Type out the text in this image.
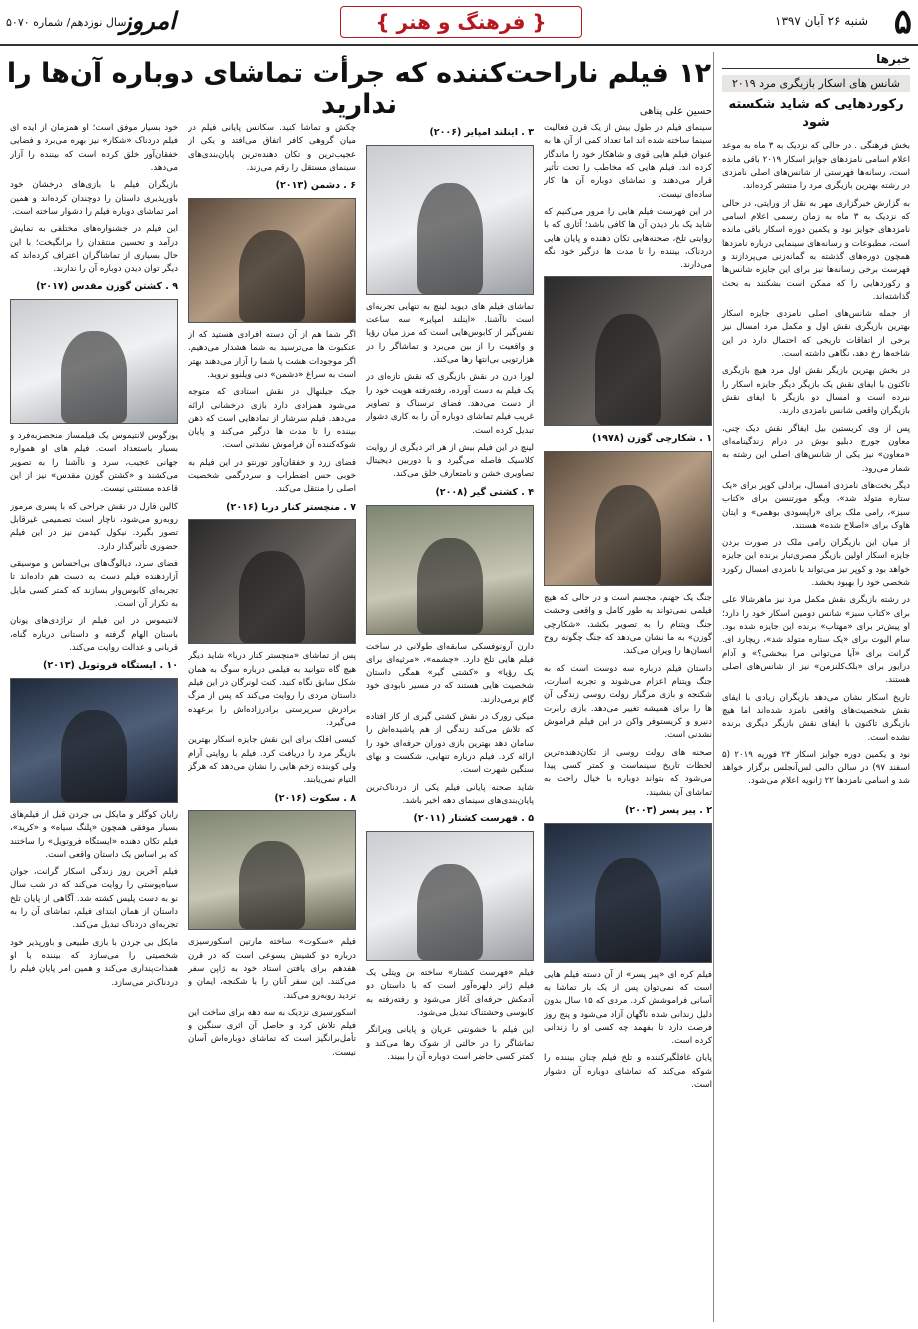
۵
شنبه ۲۶ آبان ۱۳۹۷
{ فرهنگ و هنر }
امروز
سال نوزدهم/ شماره ۵۰۷۰
خبرها
شانس های اسکار بازیگری مرد ۲۰۱۹
رکوردهایی که شاید شکسته شود

بخش فرهنگی . در حالی که نزدیک به ۳ ماه به موعد اعلام اسامی نامزدهای جوایز اسکار ۲۰۱۹ باقی مانده است، رسانه‌ها فهرستی از شانس‌های اصلی نامزدی در رشته بهترین بازیگری مرد را منتشر کرده‌اند.

به گزارش خبرگزاری مهر به نقل از ورایتی، در حالی که نزدیک به ۳ ماه به زمان رسمی اعلام اسامی نامزدهای جوایز نود و یکمین دوره اسکار باقی مانده است، مطبوعات و رسانه‌های سینمایی درباره نامزدها همچون دوره‌های گذشته به گمانه‌زنی می‌پردازند و فهرست برخی رسانه‌ها نیز برای این جایزه شانس‌ها و رکوردهایی را که ممکن است بشکنند به بحث گذاشته‌اند.

از جمله شانس‌های اصلی نامزدی جایزه اسکار بهترین بازیگری نقش اول و مکمل مرد امسال نیز برخی از اتفاقات تاریخی که احتمال دارد در این شاخه‌ها رخ دهد، نگاهی داشته است.

در بخش بهترین بازیگر نقش اول مرد هیچ بازیگری تاکنون با ایفای نقش یک بازیگر دیگر جایزه اسکار را نبرده است و امسال دو بازیگر با ایفای نقش بازیگران واقعی شانس نامزدی دارند.

پس از وی کریستین بیل ایفاگر نقش دیک چنی، معاون جورج دبلیو بوش در درام زندگینامه‌ای «معاون» نیز یکی از شانس‌های اصلی این رشته به شمار می‌رود.

دیگر بخت‌های نامزدی امسال، برادلی کوپر برای «یک ستاره متولد شد»، ویگو مورتنسن برای «کتاب سبز»، رامی ملک برای «راپسودی بوهمی» و ایتان هاوک برای «اصلاح شده» هستند.

از میان این بازیگران رامی ملک در صورت بردن جایزه اسکار اولین بازیگر مصری‌تبار برنده این جایزه خواهد بود و کوپر نیز می‌تواند با نامزدی امسال رکورد شخصی خود را بهبود بخشد.

در رشته بازیگری نقش مکمل مرد نیز ماهرشالا علی برای «کتاب سبز» شانس دومین اسکار خود را دارد؛ او پیش‌تر برای «مهتاب» برنده این جایزه شده بود. سام الیوت برای «یک ستاره متولد شد»، ریچارد ای. گرانت برای «آیا می‌توانی مرا ببخشی؟» و آدام درایور برای «بلک‌کلنزمن» نیز از شانس‌های اصلی هستند.

تاریخ اسکار نشان می‌دهد بازیگران زیادی با ایفای نقش شخصیت‌های واقعی نامزد شده‌اند اما هیچ بازیگری تاکنون با ایفای نقش بازیگر دیگری برنده نشده است.

نود و یکمین دوره جوایز اسکار ۲۴ فوریه ۲۰۱۹ (۵ اسفند ۹۷) در سالن دالبی لس‌آنجلس برگزار خواهد شد و اسامی نامزدها ۲۲ ژانویه اعلام می‌شود.

۱۲ فیلم ناراحت‌کننده که جرأت تماشای دوباره آن‌ها را ندارید	حسین علی پناهی

سینمای فیلم در طول بیش از یک قرن فعالیت سینما ساخته شده اند اما تعداد کمی از آن ها به عنوان فیلم هایی قوی و شاهکار خود را ماندگار کرده اند. فیلم هایی که مخاطب را تحت تأثیر قرار می‌دهند و تماشای دوباره آن ها کار ساده‌ای نیست.

در این فهرست فیلم هایی را مرور می‌کنیم که شاید یک بار دیدن آن ها کافی باشد؛ آثاری که با روایتی تلخ، صحنه‌هایی تکان دهنده و پایان هایی دردناک، بیننده را تا مدت ها درگیر خود نگه می‌دارند.

۱ . شکارچی گوزن (۱۹۷۸)

جنگ یک جهنم، مجسم است و در حالی که هیچ فیلمی نمی‌تواند به طور کامل و واقعی وحشت جنگ ویتنام را به تصویر بکشد، «شکارچی گوزن» به ما نشان می‌دهد که جنگ چگونه روح انسان‌ها را ویران می‌کند.

داستان فیلم درباره سه دوست است که به جنگ ویتنام اعزام می‌شوند و تجربه اسارت، شکنجه و بازی مرگبار رولت روسی زندگی آن ها را برای همیشه تغییر می‌دهد. بازی رابرت دنیرو و کریستوفر واکن در این فیلم فراموش نشدنی است.

صحنه های رولت روسی از تکان‌دهنده‌ترین لحظات تاریخ سینماست و کمتر کسی پیدا می‌شود که بتواند دوباره با خیال راحت به تماشای آن بنشیند.

۲ . پیر پسر (۲۰۰۳)

فیلم کره ای «پیر پسر» از آن دسته فیلم هایی است که نمی‌توان پس از یک بار تماشا به آسانی فراموشش کرد. مردی که ۱۵ سال بدون دلیل زندانی شده ناگهان آزاد می‌شود و پنج روز فرصت دارد تا بفهمد چه کسی او را زندانی کرده است.

پایان غافلگیرکننده و تلخ فیلم چنان بیننده را شوکه می‌کند که تماشای دوباره آن دشوار است.

۳ . اینلند امپایر (۲۰۰۶)

تماشای فیلم های دیوید لینچ به تنهایی تجربه‌ای است ناآشنا. «اینلند امپایر» سه ساعت نفس‌گیر از کابوس‌هایی است که مرز میان رؤیا و واقعیت را از بین می‌برد و تماشاگر را در هزارتویی بی‌انتها رها می‌کند.

لورا درن در نقش بازیگری که نقش تازه‌ای در یک فیلم به دست آورده، رفته‌رفته هویت خود را از دست می‌دهد. فضای ترسناک و تصاویر غریب فیلم تماشای دوباره آن را به کاری دشوار تبدیل کرده است.

لینچ در این فیلم بیش از هر اثر دیگری از روایت کلاسیک فاصله می‌گیرد و با دوربین دیجیتال تصاویری خشن و نامتعارف خلق می‌کند.

۴ . کشتی گیر (۲۰۰۸)

دارن آرونوفسکی سابقه‌ای طولانی در ساخت فیلم هایی تلخ دارد. «چشمه»، «مرثیه‌ای برای یک رؤیا» و «کشتی گیر» همگی داستان شخصیت هایی هستند که در مسیر نابودی خود گام برمی‌دارند.

میکی رورک در نقش کشتی گیری از کار افتاده که تلاش می‌کند زندگی از هم پاشیده‌اش را سامان دهد بهترین بازی دوران حرفه‌ای خود را ارائه کرد. فیلم درباره تنهایی، شکست و بهای سنگین شهرت است.

شاید صحنه پایانی فیلم یکی از دردناک‌ترین پایان‌بندی‌های سینمای دهه اخیر باشد.

۵ . فهرست کشتار (۲۰۱۱)

فیلم «فهرست کشتار» ساخته بن ویتلی یک فیلم ژانر دلهره‌آور است که با داستان دو آدمکش حرفه‌ای آغاز می‌شود و رفته‌رفته به کابوسی وحشتناک تبدیل می‌شود.

این فیلم با خشونتی عریان و پایانی ویرانگر تماشاگر را در حالتی از شوک رها می‌کند و کمتر کسی حاضر است دوباره آن را ببیند.

چکش و تماشا کنید. سکانس پایانی فیلم در میان گروهی کافر اتفاق می‌افتد و یکی از عجیب‌ترین و تکان دهنده‌ترین پایان‌بندی‌های سینمای مستقل را رقم می‌زند.

۶ . دشمن (۲۰۱۳)

اگر شما هم از آن دسته افرادی هستید که از عنکبوت ها می‌ترسید به شما هشدار می‌دهیم. اگر موجودات هشت پا شما را آزار می‌دهند بهتر است به سراغ «دشمن» دنی ویلنوو نروید.

جیک جیلنهال در نقش استادی که متوجه می‌شود همزادی دارد بازی درخشانی ارائه می‌دهد. فیلم سرشار از نمادهایی است که ذهن بیننده را تا مدت ها درگیر می‌کند و پایان شوکه‌کننده آن فراموش نشدنی است.

فضای زرد و خفقان‌آور تورنتو در این فیلم به خوبی حس اضطراب و سردرگمی شخصیت اصلی را منتقل می‌کند.

۷ . منچستر کنار دریا (۲۰۱۶)

پس از تماشای «منچستر کنار دریا» شاید دیگر هیچ گاه نتوانید به فیلمی درباره سوگ به همان شکل سابق نگاه کنید. کنت لونرگان در این فیلم داستان مردی را روایت می‌کند که پس از مرگ برادرش سرپرستی برادرزاده‌اش را برعهده می‌گیرد.

کیسی افلک برای این نقش جایزه اسکار بهترین بازیگر مرد را دریافت کرد. فیلم با روایتی آرام ولی کوبنده زخم هایی را نشان می‌دهد که هرگز التیام نمی‌یابند.

۸ . سکوت (۲۰۱۶)

فیلم «سکوت» ساخته مارتین اسکورسیزی درباره دو کشیش یسوعی است که در قرن هفدهم برای یافتن استاد خود به ژاپن سفر می‌کنند. این سفر آنان را با شکنجه، ایمان و تردید روبه‌رو می‌کند.

اسکورسیزی نزدیک به سه دهه برای ساخت این فیلم تلاش کرد و حاصل آن اثری سنگین و تأمل‌برانگیز است که تماشای دوباره‌اش آسان نیست.

خود بسیار موفق است؛ او همزمان از ایده ای فیلم دردناک «شکار» نیز بهره می‌برد و فضایی خفقان‌آور خلق کرده است که بیننده را آزار می‌دهد.

بازیگران فیلم با بازی‌های درخشان خود باورپذیری داستان را دوچندان کرده‌اند و همین امر تماشای دوباره فیلم را دشوار ساخته است.

این فیلم در جشنواره‌های مختلفی به نمایش درآمد و تحسین منتقدان را برانگیخت؛ با این حال بسیاری از تماشاگران اعتراف کرده‌اند که دیگر توان دیدن دوباره آن را ندارند.

۹ . کشتن گوزن مقدس (۲۰۱۷)

یورگوس لانتیموس یک فیلمساز منحصربه‌فرد و بسیار باستعداد است. فیلم های او همواره جهانی عجیب، سرد و ناآشنا را به تصویر می‌کشند و «کشتن گوزن مقدس» نیز از این قاعده مستثنی نیست.

کالین فارل در نقش جراحی که با پسری مرموز روبه‌رو می‌شود، ناچار است تصمیمی غیرقابل تصور بگیرد. نیکول کیدمن نیز در این فیلم حضوری تأثیرگذار دارد.

فضای سرد، دیالوگ‌های بی‌احساس و موسیقی آزاردهنده فیلم دست به دست هم داده‌اند تا تجربه‌ای کابوس‌وار بسازند که کمتر کسی مایل به تکرار آن است.

لانتیموس در این فیلم از تراژدی‌های یونان باستان الهام گرفته و داستانی درباره گناه، قربانی و عدالت روایت می‌کند.

۱۰ . ایستگاه فروتویل (۲۰۱۳)

رایان کوگلر و مایکل بی جردن قبل از فیلم‌های بسیار موفقی همچون «پلنگ سیاه» و «کرید»، فیلم تکان دهنده «ایستگاه فروتویل» را ساختند که بر اساس یک داستان واقعی است.

فیلم آخرین روز زندگی اسکار گرانت، جوان سیاه‌پوستی را روایت می‌کند که در شب سال نو به دست پلیس کشته شد. آگاهی از پایان تلخ داستان از همان ابتدای فیلم، تماشای آن را به تجربه‌ای دردناک تبدیل می‌کند.

مایکل بی جردن با بازی طبیعی و باورپذیر خود شخصیتی را می‌سازد که بیننده با او همذات‌پنداری می‌کند و همین امر پایان فیلم را دردناک‌تر می‌سازد.
